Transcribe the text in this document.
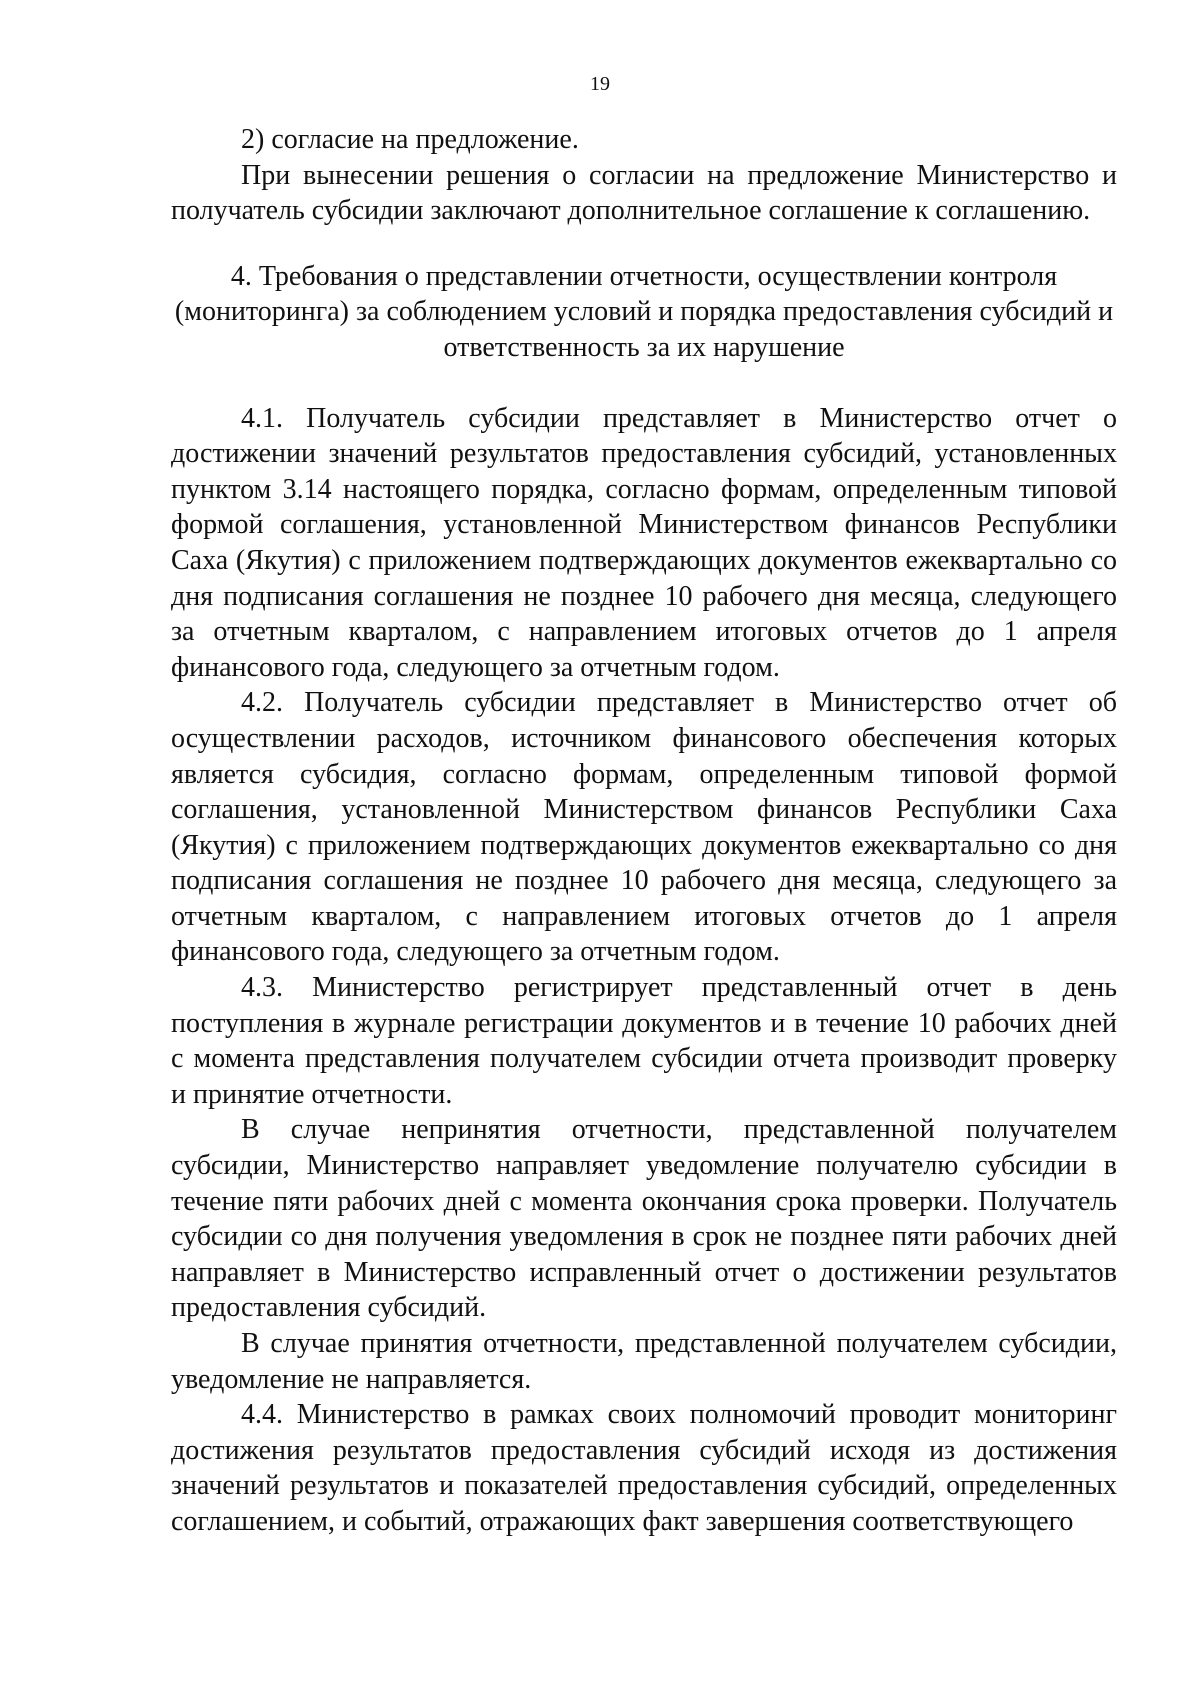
19

2) согласие на предложение.

При вынесении решения о согласии на предложение Министерство и получатель субсидии заключают дополнительное соглашение к соглашению.

4. Требования о представлении отчетности, осуществлении контроля (мониторинга) за соблюдением условий и порядка предоставления субсидий и ответственность за их нарушение

4.1. Получатель субсидии представляет в Министерство отчет о достижении значений результатов предоставления субсидий, установленных пунктом 3.14 настоящего порядка, согласно формам, определенным типовой формой соглашения, установленной Министерством финансов Республики Саха (Якутия) с приложением подтверждающих документов ежеквартально со дня подписания соглашения не позднее 10 рабочего дня месяца, следующего за отчетным кварталом, с направлением итоговых отчетов до 1 апреля финансового года, следующего за отчетным годом.

4.2. Получатель субсидии представляет в Министерство отчет об осуществлении расходов, источником финансового обеспечения которых является субсидия, согласно формам, определенным типовой формой соглашения, установленной Министерством финансов Республики Саха (Якутия) с приложением подтверждающих документов ежеквартально со дня подписания соглашения не позднее 10 рабочего дня месяца, следующего за отчетным кварталом, с направлением итоговых отчетов до 1 апреля финансового года, следующего за отчетным годом.

4.3. Министерство регистрирует представленный отчет в день поступления в журнале регистрации документов и в течение 10 рабочих дней с момента представления получателем субсидии отчета производит проверку и принятие отчетности.

В случае непринятия отчетности, представленной получателем субсидии, Министерство направляет уведомление получателю субсидии в течение пяти рабочих дней с момента окончания срока проверки. Получатель субсидии со дня получения уведомления в срок не позднее пяти рабочих дней направляет в Министерство исправленный отчет о достижении результатов предоставления субсидий.

В случае принятия отчетности, представленной получателем субсидии, уведомление не направляется.

4.4. Министерство в рамках своих полномочий проводит мониторинг достижения результатов предоставления субсидий исходя из достижения значений результатов и показателей предоставления субсидий, определенных соглашением, и событий, отражающих факт завершения соответствующего
